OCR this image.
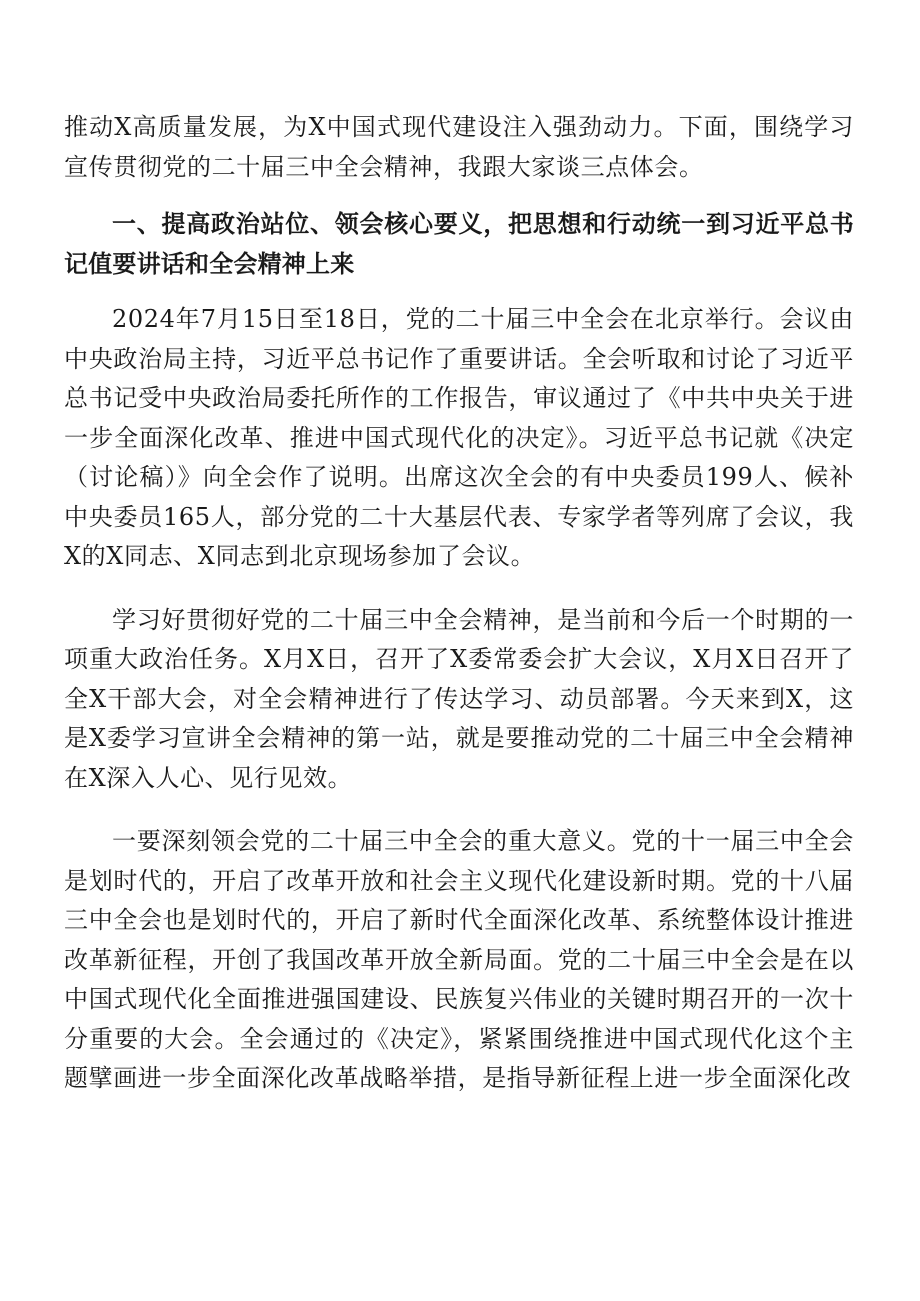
推动X高质量发展，为X中国式现代建设注入强劲动力。下面，围绕学习宣传贯彻党的二十届三中全会精神，我跟大家谈三点体会。

一、提高政治站位、领会核心要义，把思想和行动统一到习近平总书记值要讲话和全会精神上来

2024年7月15日至18日，党的二十届三中全会在北京举行。会议由中央政治局主持，习近平总书记作了重要讲话。全会听取和讨论了习近平总书记受中央政治局委托所作的工作报告，审议通过了《中共中央关于进一步全面深化改革、推进中国式现代化的决定》。习近平总书记就《决定（讨论稿）》向全会作了说明。出席这次全会的有中央委员199人、候补中央委员165人，部分党的二十大基层代表、专家学者等列席了会议，我X的X同志、X同志到北京现场参加了会议。

学习好贯彻好党的二十届三中全会精神，是当前和今后一个时期的一项重大政治任务。X月X日，召开了X委常委会扩大会议，X月X日召开了全X干部大会，对全会精神进行了传达学习、动员部署。今天来到X，这是X委学习宣讲全会精神的第一站，就是要推动党的二十届三中全会精神在X深入人心、见行见效。

一要深刻领会党的二十届三中全会的重大意义。党的十一届三中全会是划时代的，开启了改革开放和社会主义现代化建设新时期。党的十八届三中全会也是划时代的，开启了新时代全面深化改革、系统整体设计推进改革新征程，开创了我国改革开放全新局面。党的二十届三中全会是在以中国式现代化全面推进强国建设、民族复兴伟业的关键时期召开的一次十分重要的大会。全会通过的《决定》，紧紧围绕推进中国式现代化这个主题擘画进一步全面深化改革战略举措，是指导新征程上进一步全面深化改
